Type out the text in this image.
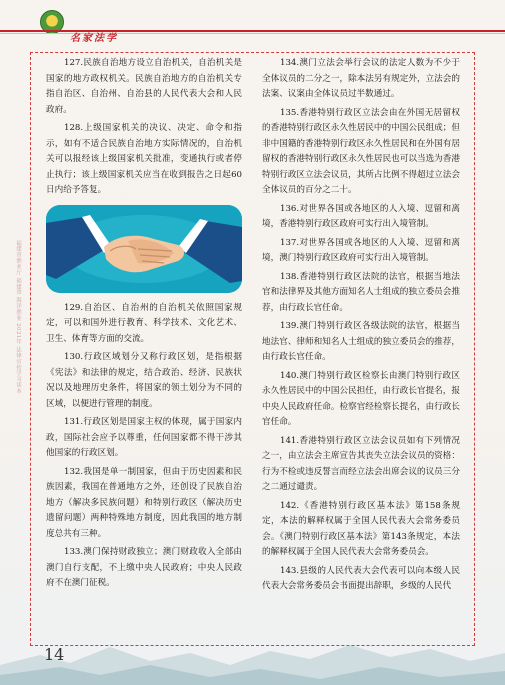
名家法学
福建省渔业厅 福建省 海洋渔业 2021年 法律宣传学习读本

127.民族自治地方设立自治机关，自治机关是国家的地方政权机关。民族自治地方的自治机关专指自治区、自治州、自治县的人民代表大会和人民政府。

128.上级国家机关的决议、决定、命令和指示，如有不适合民族自治地方实际情况的，自治机关可以报经该上级国家机关批准，变通执行或者停止执行；该上级国家机关应当在收到报告之日起60日内给予答复。

129.自治区、自治州的自治机关依照国家规定，可以和国外进行教育、科学技术、文化艺术、卫生、体育等方面的交流。

130.行政区域划分又称行政区划，是指根据《宪法》和法律的规定，结合政治、经济、民族状况以及地理历史条件，将国家的领土划分为不同的区域，以便进行管理的制度。

131.行政区划是国家主权的体现，属于国家内政，国际社会应予以尊重，任何国家都不得干涉其他国家的行政区划。

132.我国是单一制国家，但由于历史因素和民族因素，我国在普通地方之外，还创设了民族自治地方（解决多民族问题）和特别行政区（解决历史遗留问题）两种特殊地方制度，因此我国的地方制度总共有三种。

133.澳门保持财政独立；澳门财政收入全部由澳门自行支配，不上缴中央人民政府；中央人民政府不在澳门征税。

134.澳门立法会举行会议的法定人数为不少于全体议员的二分之一，除本法另有规定外，立法会的法案、议案由全体议员过半数通过。

135.香港特别行政区立法会由在外国无居留权的香港特别行政区永久性居民中的中国公民组成；但非中国籍的香港特别行政区永久性居民和在外国有居留权的香港特别行政区永久性居民也可以当选为香港特别行政区立法会议员，其所占比例不得超过立法会全体议员的百分之二十。

136.对世界各国或各地区的人入境、逗留和离境，香港特别行政区政府可实行出入境管制。

137.对世界各国或各地区的人入境、逗留和离境，澳门特别行政区政府可实行出入境管制。

138.香港特别行政区法院的法官，根据当地法官和法律界及其他方面知名人士组成的独立委员会推荐，由行政长官任命。

139.澳门特别行政区各级法院的法官，根据当地法官、律师和知名人士组成的独立委员会的推荐，由行政长官任命。

140.澳门特别行政区检察长由澳门特别行政区永久性居民中的中国公民担任，由行政长官提名，报中央人民政府任命。检察官经检察长提名，由行政长官任命。

141.香港特别行政区立法会议员如有下列情况之一，由立法会主席宣告其丧失立法会议员的资格：行为不检或违反誓言而经立法会出席会议的议员三分之二通过谴责。

142.《香港特别行政区基本法》第158条规定，本法的解释权属于全国人民代表大会常务委员会。《澳门特别行政区基本法》第143条规定，本法的解释权属于全国人民代表大会常务委员会。

143.县级的人民代表大会代表可以向本级人民代表大会常务委员会书面提出辞职，乡级的人民代

14
